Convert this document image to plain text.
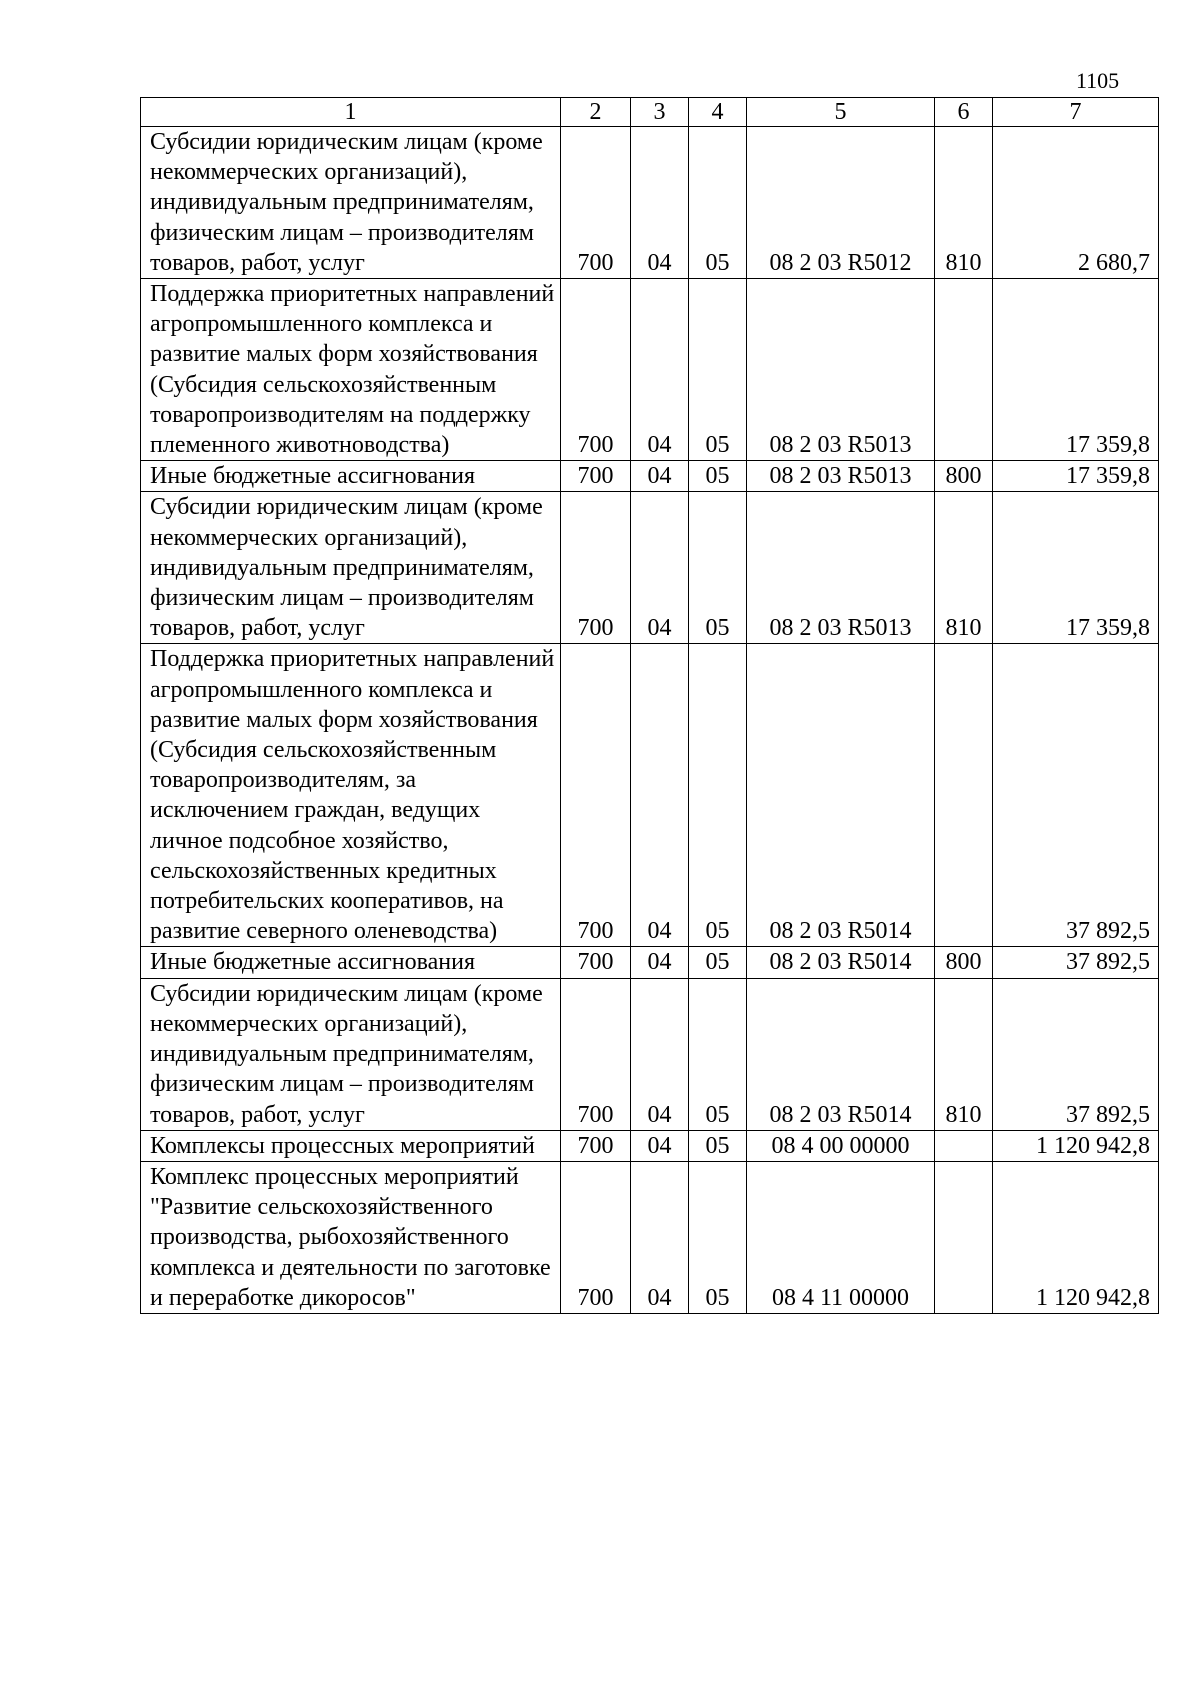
1105
1	2	3	4	5	6	7
Субсидии юридическим лицам (кроме некоммерческих организаций), индивидуальным предпринимателям, физическим лицам – производителям товаров, работ, услуг	700	04	05	08 2 03 R5012	810	2 680,7
Поддержка приоритетных направлений агропромышленного комплекса и развитие малых форм хозяйствования (Субсидия сельскохозяйственным товаропроизводителям на поддержку племенного животноводства)	700	04	05	08 2 03 R5013		17 359,8
Иные бюджетные ассигнования	700	04	05	08 2 03 R5013	800	17 359,8
Субсидии юридическим лицам (кроме некоммерческих организаций), индивидуальным предпринимателям, физическим лицам – производителям товаров, работ, услуг	700	04	05	08 2 03 R5013	810	17 359,8
Поддержка приоритетных направлений агропромышленного комплекса и развитие малых форм хозяйствования (Субсидия сельскохозяйственным товаропроизводителям, за исключением граждан, ведущих личное подсобное хозяйство, сельскохозяйственных кредитных потребительских кооперативов, на развитие северного оленеводства)	700	04	05	08 2 03 R5014		37 892,5
Иные бюджетные ассигнования	700	04	05	08 2 03 R5014	800	37 892,5
Субсидии юридическим лицам (кроме некоммерческих организаций), индивидуальным предпринимателям, физическим лицам – производителям товаров, работ, услуг	700	04	05	08 2 03 R5014	810	37 892,5
Комплексы процессных мероприятий	700	04	05	08 4 00 00000		1 120 942,8
Комплекс процессных мероприятий "Развитие сельскохозяйственного производства, рыбохозяйственного комплекса и деятельности по заготовке и переработке дикоросов"	700	04	05	08 4 11 00000		1 120 942,8
